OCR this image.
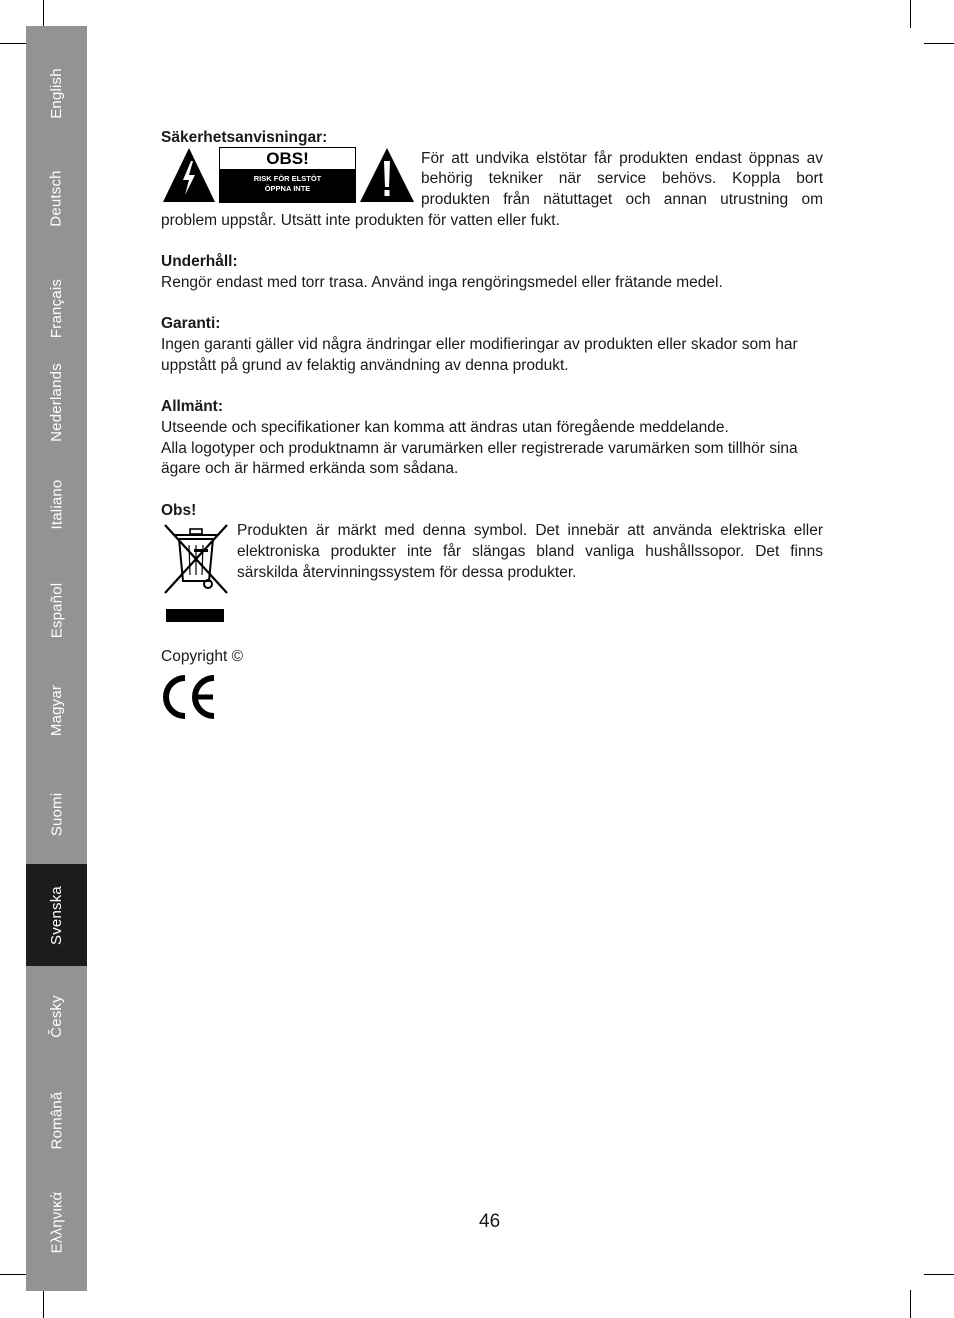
English
Deutsch
Français
Nederlands
Italiano
Español
Magyar
Suomi
Svenska
Česky
Română
Ελληνικά

Säkerhetsanvisningar:

OBS!
RISK FÖR ELSTÖT
ÖPPNA INTE

För att undvika elstötar får produkten endast öppnas av behörig tekniker när service behövs. Koppla bort produkten från nätuttaget och annan utrustning om problem uppstår. Utsätt inte produkten för vatten eller fukt.

Underhåll:

Rengör endast med torr trasa. Använd inga rengöringsmedel eller frätande medel.

Garanti:

Ingen garanti gäller vid några ändringar eller modifieringar av produkten eller skador som har uppstått på grund av felaktig användning av denna produkt.

Allmänt:

Utseende och specifikationer kan komma att ändras utan föregående meddelande.

Alla logotyper och produktnamn är varumärken eller registrerade varumärken som tillhör sina ägare och är härmed erkända som sådana.

Obs!

Produkten är märkt med denna symbol. Det innebär att använda elektriska eller elektroniska produkter inte får slängas bland vanliga hushållssopor. Det finns särskilda återvinningssystem för dessa produkter.

Copyright ©

46
